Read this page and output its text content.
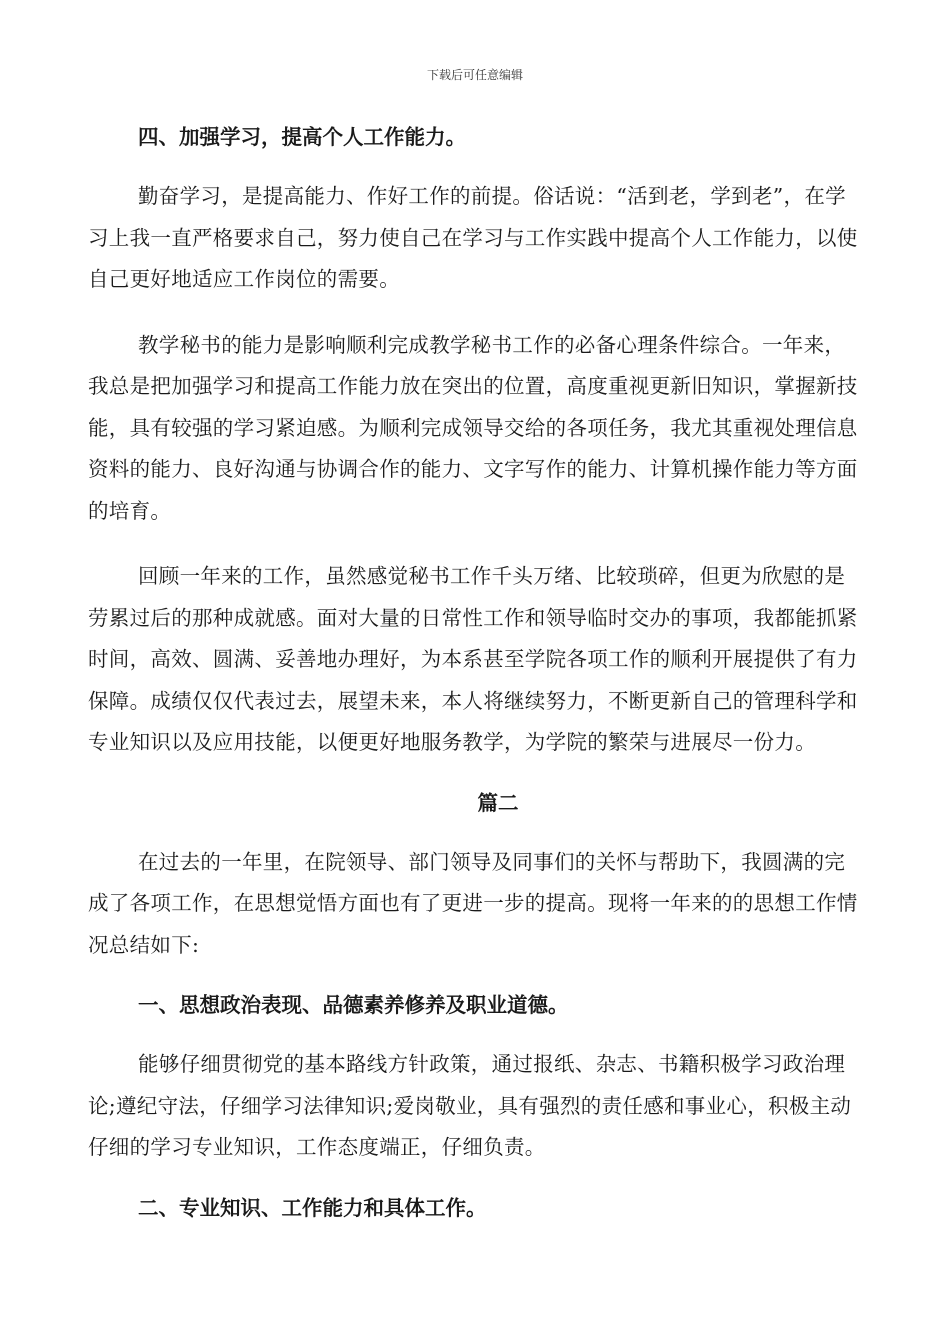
下载后可任意编辑

四、加强学习，提高个人工作能力。

勤奋学习，是提高能力、作好工作的前提。俗话说：“活到老，学到老”，在学习上我一直严格要求自己，努力使自己在学习与工作实践中提高个人工作能力，以使自己更好地适应工作岗位的需要。

教学秘书的能力是影响顺利完成教学秘书工作的必备心理条件综合。一年来，我总是把加强学习和提高工作能力放在突出的位置，高度重视更新旧知识，掌握新技能，具有较强的学习紧迫感。为顺利完成领导交给的各项任务，我尤其重视处理信息资料的能力、良好沟通与协调合作的能力、文字写作的能力、计算机操作能力等方面的培育。

回顾一年来的工作，虽然感觉秘书工作千头万绪、比较琐碎，但更为欣慰的是劳累过后的那种成就感。面对大量的日常性工作和领导临时交办的事项，我都能抓紧时间，高效、圆满、妥善地办理好，为本系甚至学院各项工作的顺利开展提供了有力保障。成绩仅仅代表过去，展望未来，本人将继续努力，不断更新自己的管理科学和专业知识以及应用技能，以便更好地服务教学，为学院的繁荣与进展尽一份力。

篇二

在过去的一年里，在院领导、部门领导及同事们的关怀与帮助下，我圆满的完成了各项工作，在思想觉悟方面也有了更进一步的提高。现将一年来的的思想工作情况总结如下:

一、思想政治表现、品德素养修养及职业道德。

能够仔细贯彻党的基本路线方针政策，通过报纸、杂志、书籍积极学习政治理论;遵纪守法，仔细学习法律知识;爱岗敬业，具有强烈的责任感和事业心，积极主动仔细的学习专业知识，工作态度端正，仔细负责。

二、专业知识、工作能力和具体工作。
